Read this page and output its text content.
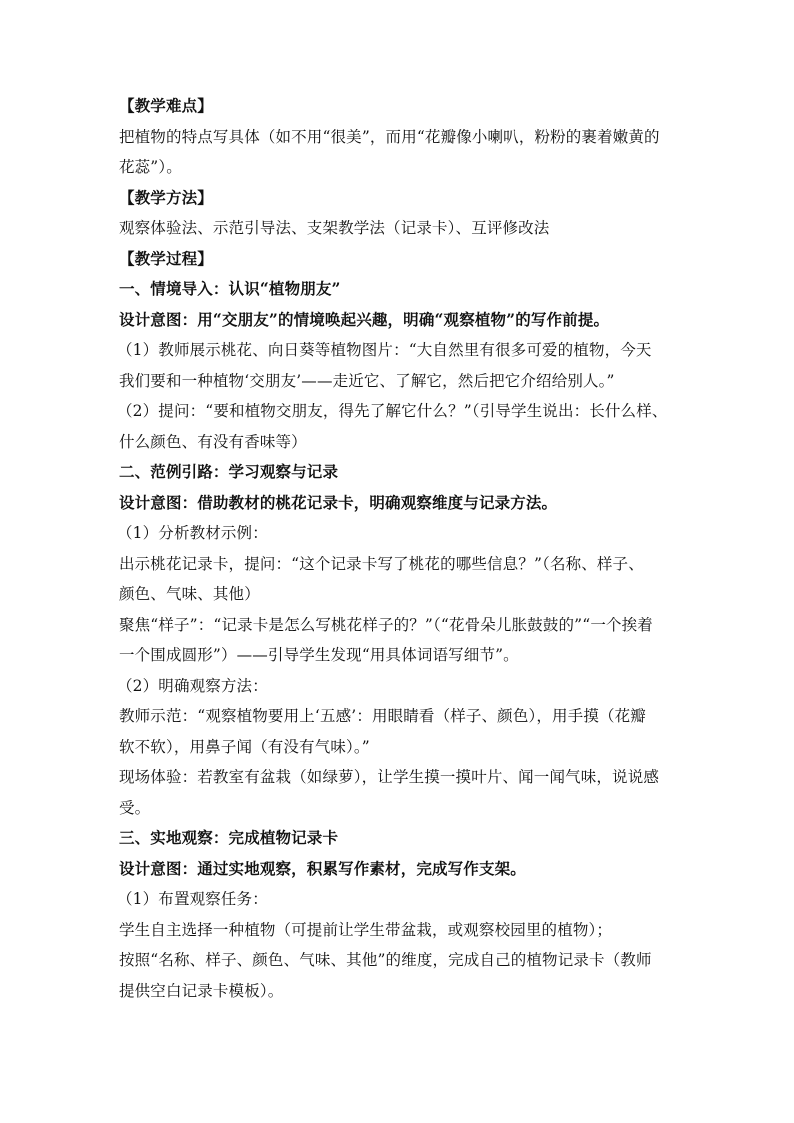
【教学难点】
把植物的特点写具体（如不用“很美”，而用“花瓣像小喇叭，粉粉的裹着嫩黄的
花蕊”）。
【教学方法】
观察体验法、示范引导法、支架教学法（记录卡）、互评修改法
【教学过程】
一、情境导入：认识“植物朋友”
设计意图：用“交朋友”的情境唤起兴趣，明确“观察植物”的写作前提。
（1）教师展示桃花、向日葵等植物图片：“大自然里有很多可爱的植物，今天
我们要和一种植物‘交朋友’——走近它、了解它，然后把它介绍给别人。”
（2）提问：“要和植物交朋友，得先了解它什么？”（引导学生说出：长什么样、
什么颜色、有没有香味等）
二、范例引路：学习观察与记录
设计意图：借助教材的桃花记录卡，明确观察维度与记录方法。
（1）分析教材示例：
出示桃花记录卡，提问：“这个记录卡写了桃花的哪些信息？”（名称、样子、
颜色、气味、其他）
聚焦“样子”：“记录卡是怎么写桃花样子的？”（“花骨朵儿胀鼓鼓的”“一个挨着
一个围成圆形”）——引导学生发现“用具体词语写细节”。
（2）明确观察方法：
教师示范：“观察植物要用上‘五感’：用眼睛看（样子、颜色），用手摸（花瓣
软不软），用鼻子闻（有没有气味）。”
现场体验：若教室有盆栽（如绿萝），让学生摸一摸叶片、闻一闻气味，说说感
受。
三、实地观察：完成植物记录卡
设计意图：通过实地观察，积累写作素材，完成写作支架。
（1）布置观察任务：
学生自主选择一种植物（可提前让学生带盆栽，或观察校园里的植物）；
按照“名称、样子、颜色、气味、其他”的维度，完成自己的植物记录卡（教师
提供空白记录卡模板）。
